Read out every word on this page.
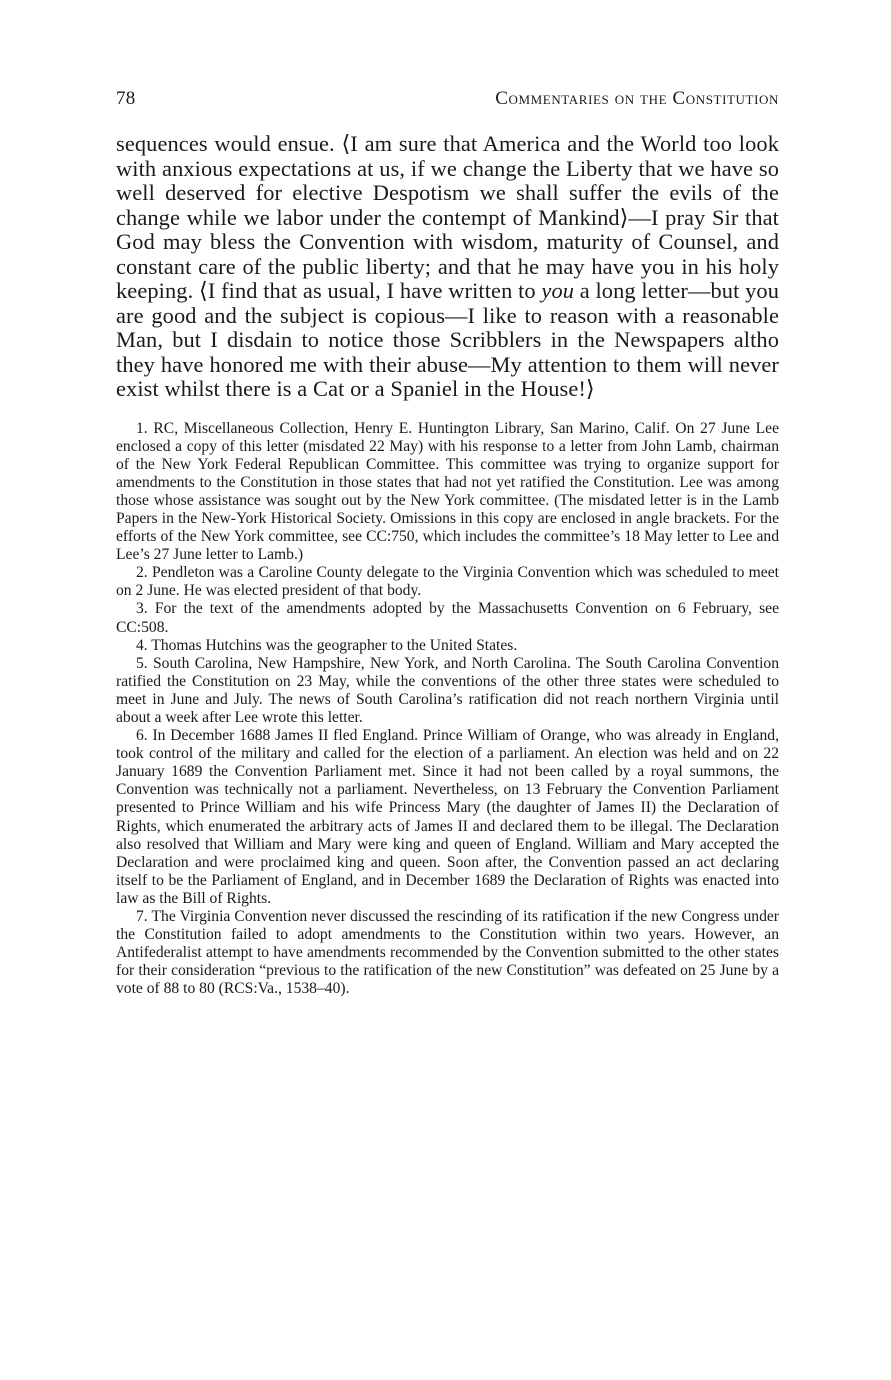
78	Commentaries on the Constitution

sequences would ensue. ⟨I am sure that America and the World too look with anxious expectations at us, if we change the Liberty that we have so well deserved for elective Despotism we shall suffer the evils of the change while we labor under the contempt of Mankind⟩—I pray Sir that God may bless the Convention with wisdom, maturity of Counsel, and constant care of the public liberty; and that he may have you in his holy keeping. ⟨I find that as usual, I have written to you a long letter—but you are good and the subject is copious—I like to reason with a reasonable Man, but I disdain to notice those Scribblers in the Newspapers altho they have honored me with their abuse—My attention to them will never exist whilst there is a Cat or a Spaniel in the House!⟩

1. RC, Miscellaneous Collection, Henry E. Huntington Library, San Marino, Calif. On 27 June Lee enclosed a copy of this letter (misdated 22 May) with his response to a letter from John Lamb, chairman of the New York Federal Republican Committee. This committee was trying to organize support for amendments to the Constitution in those states that had not yet ratified the Constitution. Lee was among those whose assistance was sought out by the New York committee. (The misdated letter is in the Lamb Papers in the New-York Historical Society. Omissions in this copy are enclosed in angle brackets. For the efforts of the New York committee, see CC:750, which includes the committee’s 18 May letter to Lee and Lee’s 27 June letter to Lamb.)

2. Pendleton was a Caroline County delegate to the Virginia Convention which was scheduled to meet on 2 June. He was elected president of that body.

3. For the text of the amendments adopted by the Massachusetts Convention on 6 February, see CC:508.

4. Thomas Hutchins was the geographer to the United States.

5. South Carolina, New Hampshire, New York, and North Carolina. The South Carolina Convention ratified the Constitution on 23 May, while the conventions of the other three states were scheduled to meet in June and July. The news of South Carolina’s ratification did not reach northern Virginia until about a week after Lee wrote this letter.

6. In December 1688 James II fled England. Prince William of Orange, who was already in England, took control of the military and called for the election of a parliament. An election was held and on 22 January 1689 the Convention Parliament met. Since it had not been called by a royal summons, the Convention was technically not a parliament. Nevertheless, on 13 February the Convention Parliament presented to Prince William and his wife Princess Mary (the daughter of James II) the Declaration of Rights, which enumerated the arbitrary acts of James II and declared them to be illegal. The Declaration also resolved that William and Mary were king and queen of England. William and Mary accepted the Declaration and were proclaimed king and queen. Soon after, the Convention passed an act declaring itself to be the Parliament of England, and in December 1689 the Declaration of Rights was enacted into law as the Bill of Rights.

7. The Virginia Convention never discussed the rescinding of its ratification if the new Congress under the Constitution failed to adopt amendments to the Constitution within two years. However, an Antifederalist attempt to have amendments recommended by the Convention submitted to the other states for their consideration “previous to the ratification of the new Constitution” was defeated on 25 June by a vote of 88 to 80 (RCS:Va., 1538–40).
